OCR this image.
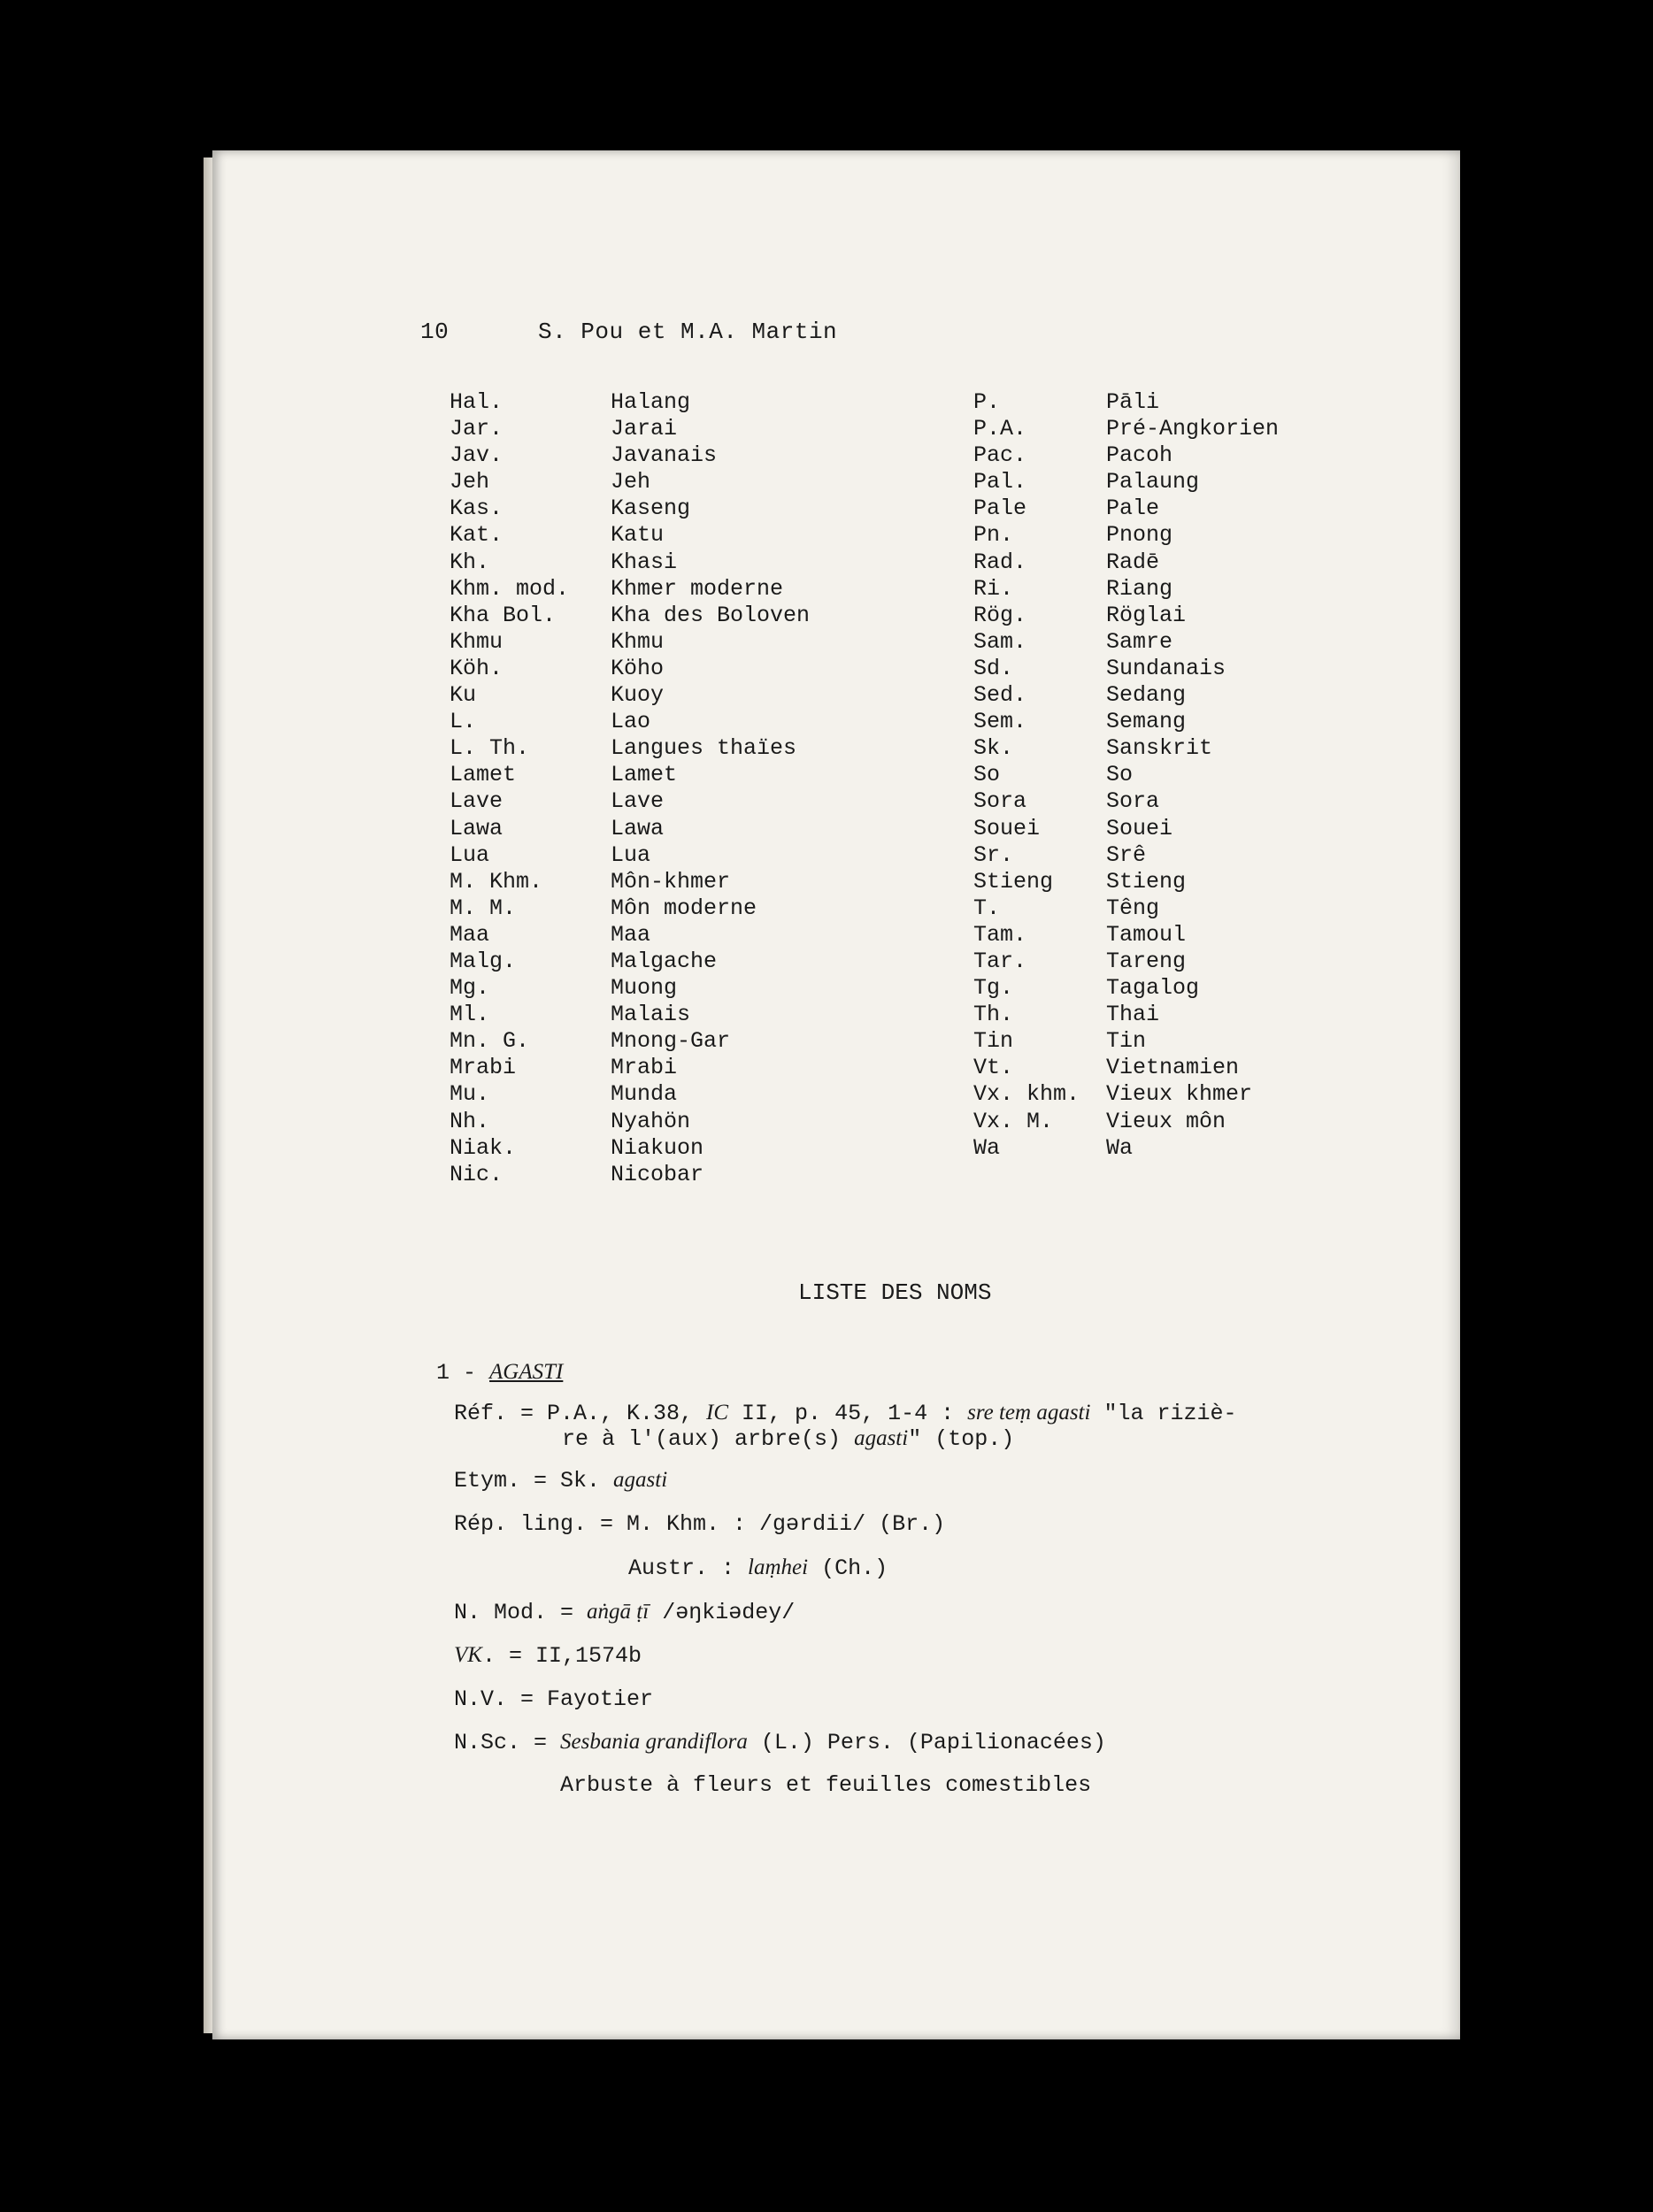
10	S. Pou et M.A. Martin
Hal.
Jar.
Jav.
Jeh
Kas.
Kat.
Kh.
Khm. mod.
Kha Bol.
Khmu
Köh.
Ku
L.
L. Th.
Lamet
Lave
Lawa
Lua
M. Khm.
M. M.
Maa
Malg.
Mg.
Ml.
Mn. G.
Mrabi
Mu.
Nh.
Niak.
Nic.
Halang
Jarai
Javanais
Jeh
Kaseng
Katu
Khasi
Khmer moderne
Kha des Boloven
Khmu
Köho
Kuoy
Lao
Langues thaïes
Lamet
Lave
Lawa
Lua
Môn-khmer
Môn moderne
Maa
Malgache
Muong
Malais
Mnong-Gar
Mrabi
Munda
Nyahön
Niakuon
Nicobar
P.
P.A.
Pac.
Pal.
Pale
Pn.
Rad.
Ri.
Rög.
Sam.
Sd.
Sed.
Sem.
Sk.
So
Sora
Souei
Sr.
Stieng
T.
Tam.
Tar.
Tg.
Th.
Tin
Vt.
Vx. khm.
Vx. M.
Wa
Pāli
Pré-Angkorien
Pacoh
Palaung
Pale
Pnong
Radē
Riang
Röglai
Samre
Sundanais
Sedang
Semang
Sanskrit
So
Sora
Souei
Srê
Stieng
Têng
Tamoul
Tareng
Tagalog
Thai
Tin
Vietnamien
Vieux khmer
Vieux môn
Wa
LISTE DES NOMS
1 - AGASTI
Réf. = P.A., K.38, IC II, p. 45, 1-4 : sre teṃ agasti "la riziè-
re à l'(aux) arbre(s) agasti" (top.)
Etym. = Sk. agasti
Rép. ling. = M. Khm. : /gərdii/ (Br.)
Austr. : laṃhei (Ch.)
N. Mod. = aṅgā ṭī /əŋkiədey/
VK. = II,1574b
N.V. = Fayotier
N.Sc. = Sesbania grandiflora (L.) Pers. (Papilionacées)
Arbuste à fleurs et feuilles comestibles
